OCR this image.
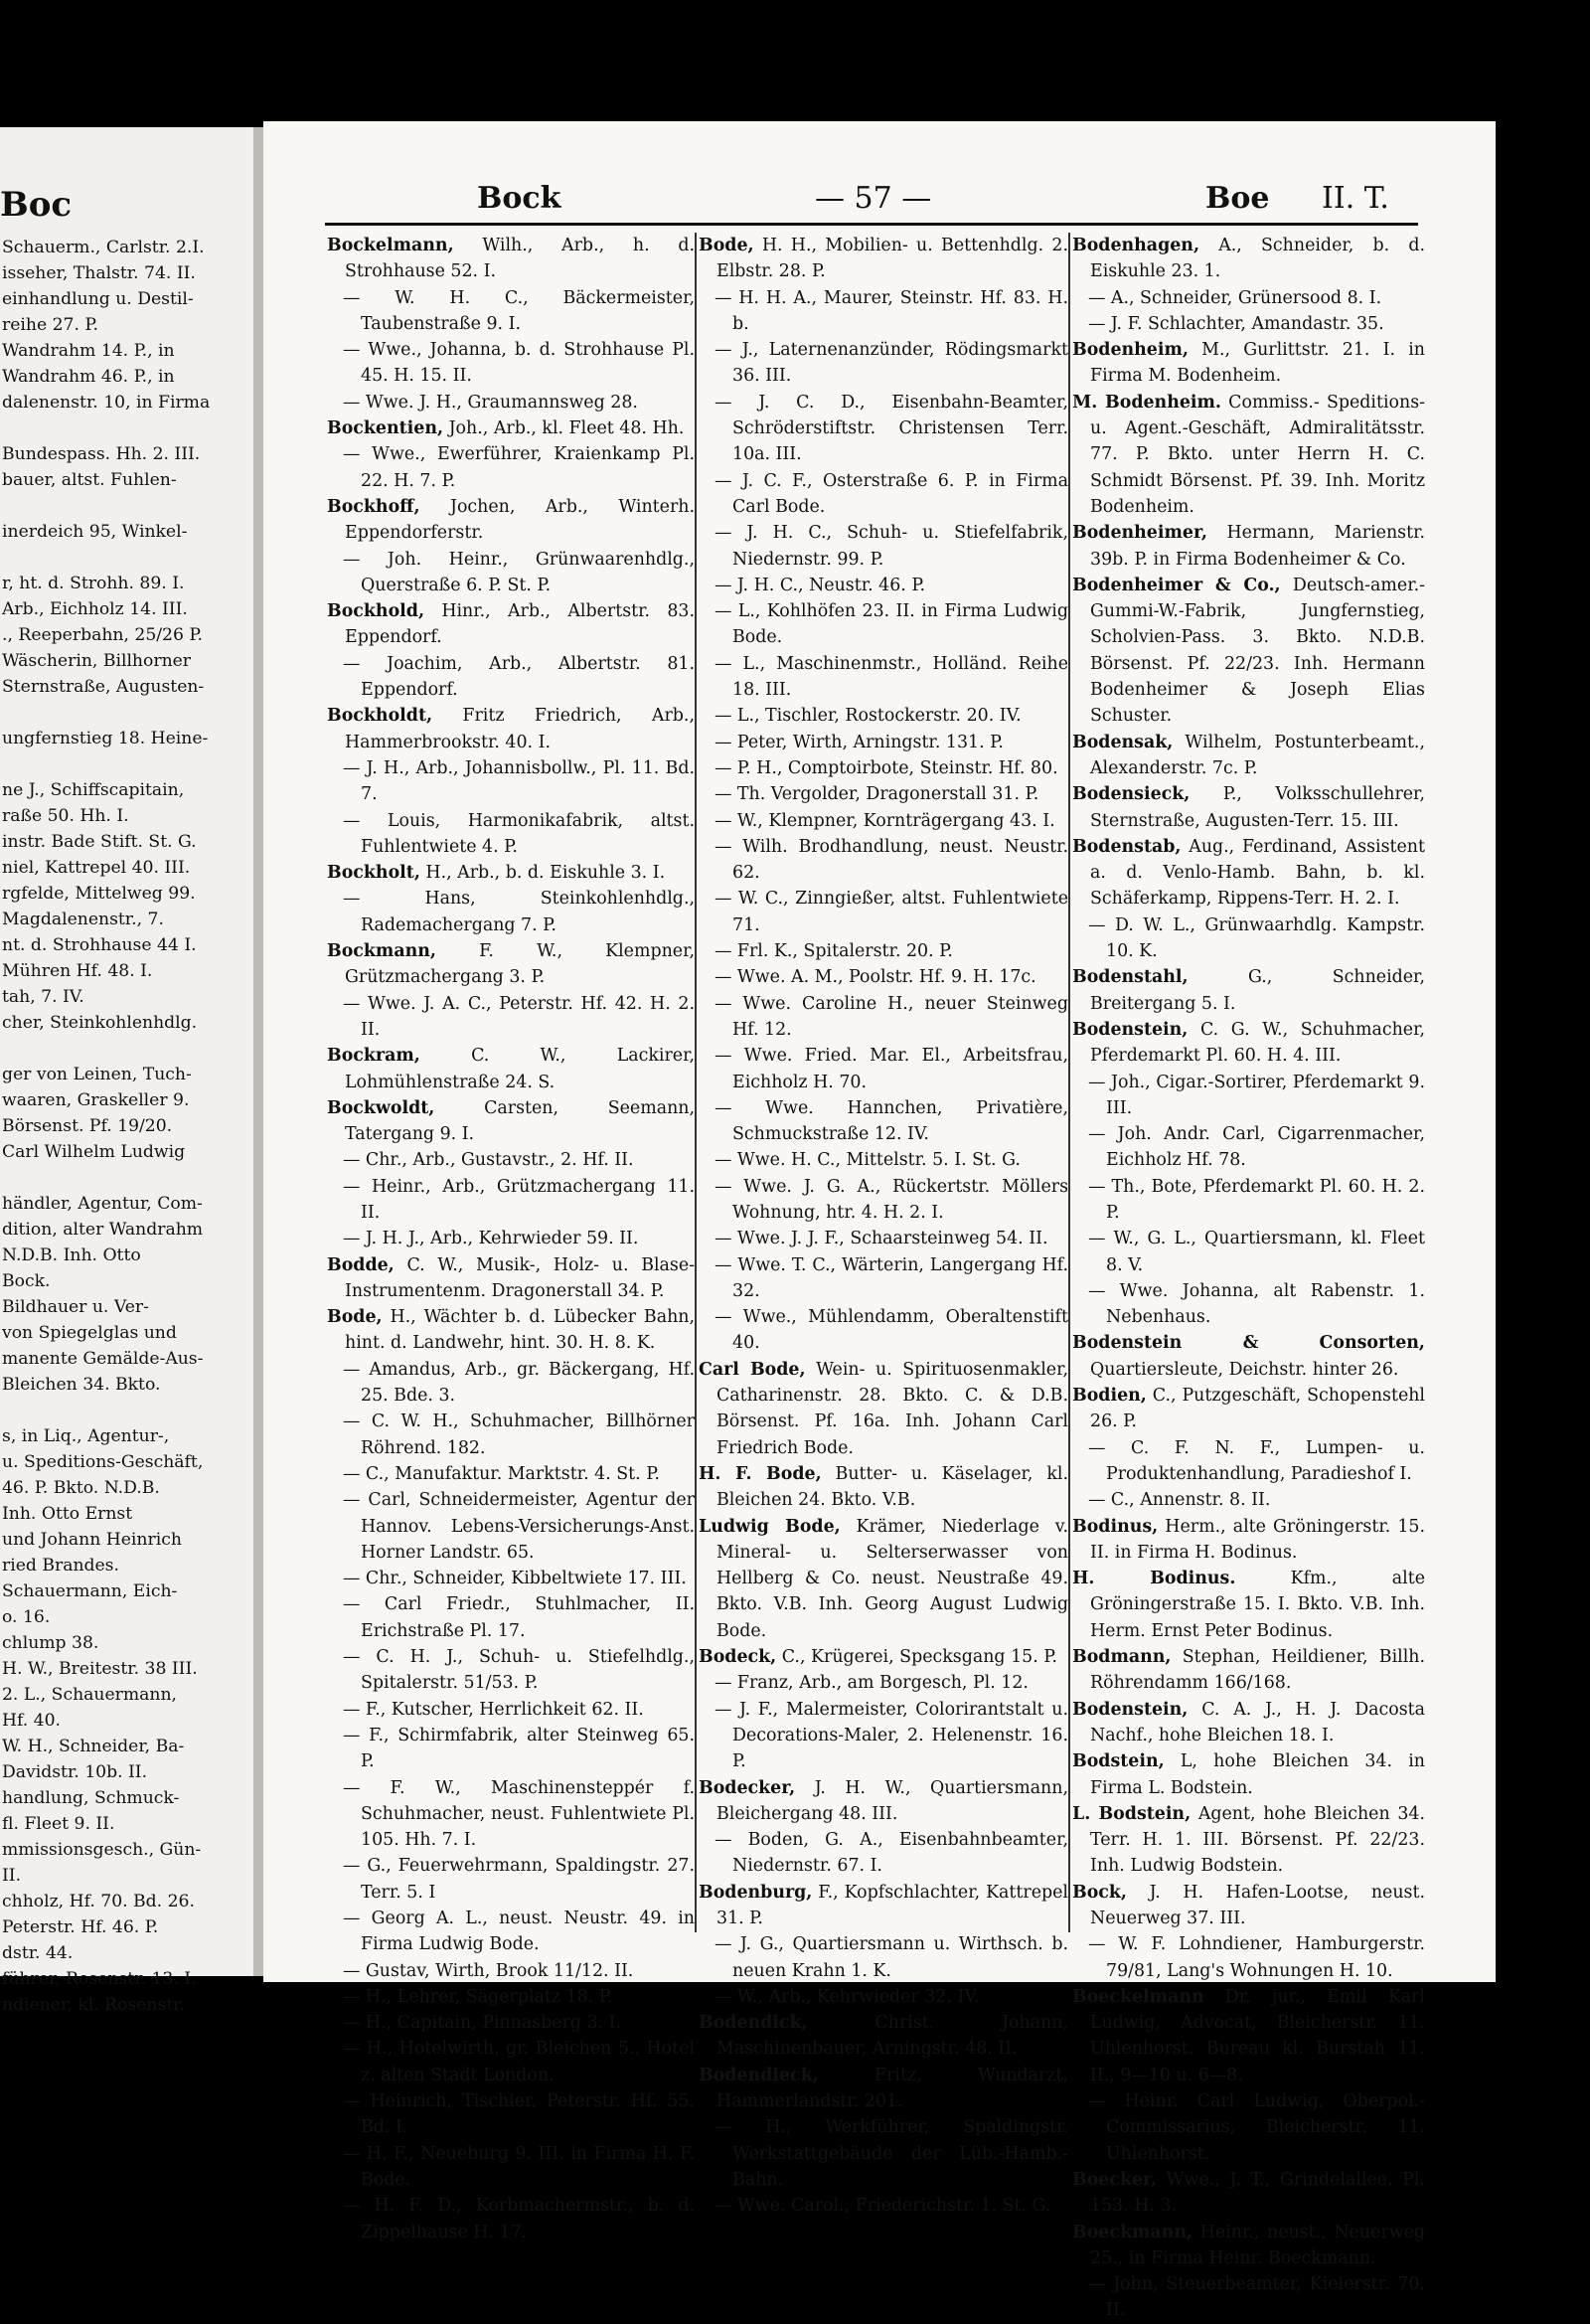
Boc
Schauerm., Carlstr. 2.I.
isseher, Thalstr. 74. II.
einhandlung u. Destil-
reihe 27. P.
Wandrahm 14. P., in
Wandrahm 46. P., in
dalenenstr. 10, in Firma

Bundespass. Hh. 2. III.
bauer, altst. Fuhlen-

inerdeich 95, Winkel-

r, ht. d. Strohh. 89. I.
Arb., Eichholz 14. III.
., Reeperbahn, 25/26 P.
Wäscherin, Billhorner
Sternstraße, Augusten-

ungfernstieg 18. Heine-

ne J., Schiffscapitain,
raße 50. Hh. I.
instr. Bade Stift. St. G.
niel, Kattrepel 40. III.
rgfelde, Mittelweg 99.
Magdalenenstr., 7.
nt. d. Strohhause 44 I.
Mühren Hf. 48. I.
tah, 7. IV.
cher, Steinkohlenhdlg.

ger von Leinen, Tuch-
waaren, Graskeller 9.
Börsenst. Pf. 19/20.
Carl Wilhelm Ludwig

händler, Agentur, Com-
dition, alter Wandrahm
N.D.B. Inh. Otto
Bock.
Bildhauer u. Ver-
von Spiegelglas und
manente Gemälde-Aus-
Bleichen 34. Bkto.

s, in Liq., Agentur-,
u. Speditions-Geschäft,
46. P. Bkto. N.D.B.
Inh. Otto Ernst
und Johann Heinrich
ried Brandes.
Schauermann, Eich-
o. 16.
chlump 38.
H. W., Breitestr. 38 III.
2. L., Schauermann,
Hf. 40.
W. H., Schneider, Ba-
Davidstr. 10b. II.
handlung, Schmuck-
fl. Fleet 9. II.
mmissionsgesch., Gün-
II.
chholz, Hf. 70. Bd. 26.
Peterstr. Hf. 46. P.
dstr. 44.
führer, Rosenstr. 13. I.
ndiener, kl. Rosenstr.
Bock	— 57 —	Boe II. T.

Bockelmann, Wilh., Arb., h. d. Strohhause 52. I.

— W. H. C., Bäckermeister, Taubenstraße 9. I.

— Wwe., Johanna, b. d. Strohhause Pl. 45. H. 15. II.

— Wwe. J. H., Graumannsweg 28.

Bockentien, Joh., Arb., kl. Fleet 48. Hh.

— Wwe., Ewerführer, Kraienkamp Pl. 22. H. 7. P.

Bockhoff, Jochen, Arb., Winterh. Eppendorferstr.

— Joh. Heinr., Grünwaarenhdlg., Querstraße 6. P. St. P.

Bockhold, Hinr., Arb., Albertstr. 83. Eppendorf.

— Joachim, Arb., Albertstr. 81. Eppendorf.

Bockholdt, Fritz Friedrich, Arb., Hammerbrookstr. 40. I.

— J. H., Arb., Johannisbollw., Pl. 11. Bd. 7.

— Louis, Harmonikafabrik, altst. Fuhlentwiete 4. P.

Bockholt, H., Arb., b. d. Eiskuhle 3. I.

— Hans, Steinkohlenhdlg., Rademachergang 7. P.

Bockmann, F. W., Klempner, Grützmachergang 3. P.

— Wwe. J. A. C., Peterstr. Hf. 42. H. 2. II.

Bockram, C. W., Lackirer, Lohmühlenstraße 24. S.

Bockwoldt, Carsten, Seemann, Tatergang 9. I.

— Chr., Arb., Gustavstr., 2. Hf. II.

— Heinr., Arb., Grützmachergang 11. II.

— J. H. J., Arb., Kehrwieder 59. II.

Bodde, C. W., Musik-, Holz- u. Blase-Instrumentenm. Dragonerstall 34. P.

Bode, H., Wächter b. d. Lübecker Bahn, hint. d. Landwehr, hint. 30. H. 8. K.

— Amandus, Arb., gr. Bäckergang, Hf. 25. Bde. 3.

— C. W. H., Schuhmacher, Billhörner Röhrend. 182.

— C., Manufaktur. Marktstr. 4. St. P.

— Carl, Schneidermeister, Agentur der Hannov. Lebens-Versicherungs-Anst. Horner Landstr. 65.

— Chr., Schneider, Kibbeltwiete 17. III.

— Carl Friedr., Stuhlmacher, II. Erichstraße Pl. 17.

— C. H. J., Schuh- u. Stiefelhdlg., Spitalerstr. 51/53. P.

— F., Kutscher, Herrlichkeit 62. II.

— F., Schirmfabrik, alter Steinweg 65. P.

— F. W., Maschinensteppér f. Schuhmacher, neust. Fuhlentwiete Pl. 105. Hh. 7. I.

— G., Feuerwehrmann, Spaldingstr. 27. Terr. 5. I

— Georg A. L., neust. Neustr. 49. in Firma Ludwig Bode.

— Gustav, Wirth, Brook 11/12. II.

— H., Lehrer, Sägerplatz 18. P.

— H., Capitain, Pinnasberg 3. I.

— H., Hotelwirth, gr. Bleichen 5., Hotel z. alten Stadt London.

— Heinrich, Tischler, Peterstr. Hf. 55. Bd. I.

— H. F., Neueburg 9. III. in Firma H. F. Bode.

— H. F. D., Korbmachermstr., b. d. Zippelhause H. 17.

Bode, H. H., Mobilien- u. Bettenhdlg. 2. Elbstr. 28. P.

— H. H. A., Maurer, Steinstr. Hf. 83. H. b.

— J., Laternenanzünder, Rödingsmarkt 36. III.

— J. C. D., Eisenbahn-Beamter, Schröderstiftstr. Christensen Terr. 10a. III.

— J. C. F., Osterstraße 6. P. in Firma Carl Bode.

— J. H. C., Schuh- u. Stiefelfabrik, Niedernstr. 99. P.

— J. H. C., Neustr. 46. P.

— L., Kohlhöfen 23. II. in Firma Ludwig Bode.

— L., Maschinenmstr., Holländ. Reihe 18. III.

— L., Tischler, Rostockerstr. 20. IV.

— Peter, Wirth, Arningstr. 131. P.

— P. H., Comptoirbote, Steinstr. Hf. 80.

— Th. Vergolder, Dragonerstall 31. P.

— W., Klempner, Kornträgergang 43. I.

— Wilh. Brodhandlung, neust. Neustr. 62.

— W. C., Zinngießer, altst. Fuhlentwiete 71.

— Frl. K., Spitalerstr. 20. P.

— Wwe. A. M., Poolstr. Hf. 9. H. 17c.

— Wwe. Caroline H., neuer Steinweg Hf. 12.

— Wwe. Fried. Mar. El., Arbeitsfrau, Eichholz H. 70.

— Wwe. Hannchen, Privatière, Schmuckstraße 12. IV.

— Wwe. H. C., Mittelstr. 5. I. St. G.

— Wwe. J. G. A., Rückertstr. Möllers Wohnung, htr. 4. H. 2. I.

— Wwe. J. J. F., Schaarsteinweg 54. II.

— Wwe. T. C., Wärterin, Langergang Hf. 32.

— Wwe., Mühlendamm, Oberaltenstift 40.

Carl Bode, Wein- u. Spirituosenmakler, Catharinenstr. 28. Bkto. C. & D.B. Börsenst. Pf. 16a. Inh. Johann Carl Friedrich Bode.

H. F. Bode, Butter- u. Käselager, kl. Bleichen 24. Bkto. V.B.

Ludwig Bode, Krämer, Niederlage v. Mineral- u. Selterserwasser von Hellberg & Co. neust. Neustraße 49. Bkto. V.B. Inh. Georg August Ludwig Bode.

Bodeck, C., Krügerei, Specksgang 15. P.

— Franz, Arb., am Borgesch, Pl. 12.

— J. F., Malermeister, Colorirantstalt u. Decorations-Maler, 2. Helenenstr. 16. P.

Bodecker, J. H. W., Quartiersmann, Bleichergang 48. III.

— Boden, G. A., Eisenbahnbeamter, Niedernstr. 67. I.

Bodenburg, F., Kopfschlachter, Kattrepel 31. P.

— J. G., Quartiersmann u. Wirthsch. b. neuen Krahn 1. K.

— W., Arb., Kehrwieder 32. IV.

Bodendick, Christ. Johann, Maschinenbauer, Arningstr. 48. II.

Bodendieck, Fritz, Wundarzt, Hammerlandstr. 201.

— H., Werkführer, Spaldingstr. Werkstattgebäude der Lüb.-Hamb.-Bahn.

— Wwe. Carol., Friederichstr. 1. St. G.

Bodenhagen, A., Schneider, b. d. Eiskuhle 23. 1.

— A., Schneider, Grünersood 8. I.

— J. F. Schlachter, Amandastr. 35.

Bodenheim, M., Gurlittstr. 21. I. in Firma M. Bodenheim.

M. Bodenheim. Commiss.- Speditions- u. Agent.-Geschäft, Admiralitätsstr. 77. P. Bkto. unter Herrn H. C. Schmidt Börsenst. Pf. 39. Inh. Moritz Bodenheim.

Bodenheimer, Hermann, Marienstr. 39b. P. in Firma Bodenheimer & Co.

Bodenheimer & Co., Deutsch-amer.-Gummi-W.-Fabrik, Jungfernstieg, Scholvien-Pass. 3. Bkto. N.D.B. Börsenst. Pf. 22/23. Inh. Hermann Bodenheimer & Joseph Elias Schuster.

Bodensak, Wilhelm, Postunterbeamt., Alexanderstr. 7c. P.

Bodensieck, P., Volksschullehrer, Sternstraße, Augusten-Terr. 15. III.

Bodenstab, Aug., Ferdinand, Assistent a. d. Venlo-Hamb. Bahn, b. kl. Schäferkamp, Rippens-Terr. H. 2. I.

— D. W. L., Grünwaarhdlg. Kampstr. 10. K.

Bodenstahl, G., Schneider, Breitergang 5. I.

Bodenstein, C. G. W., Schuhmacher, Pferdemarkt Pl. 60. H. 4. III.

— Joh., Cigar.-Sortirer, Pferdemarkt 9. III.

— Joh. Andr. Carl, Cigarrenmacher, Eichholz Hf. 78.

— Th., Bote, Pferdemarkt Pl. 60. H. 2. P.

— W., G. L., Quartiersmann, kl. Fleet 8. V.

— Wwe. Johanna, alt Rabenstr. 1. Nebenhaus.

Bodenstein & Consorten, Quartiersleute, Deichstr. hinter 26.

Bodien, C., Putzgeschäft, Schopenstehl 26. P.

— C. F. N. F., Lumpen- u. Produktenhandlung, Paradieshof I.

— C., Annenstr. 8. II.

Bodinus, Herm., alte Gröningerstr. 15. II. in Firma H. Bodinus.

H. Bodinus. Kfm., alte Gröningerstraße 15. I. Bkto. V.B. Inh. Herm. Ernst Peter Bodinus.

Bodmann, Stephan, Heildiener, Billh. Röhrendamm 166/168.

Bodenstein, C. A. J., H. J. Dacosta Nachf., hohe Bleichen 18. I.

Bodstein, L, hohe Bleichen 34. in Firma L. Bodstein.

L. Bodstein, Agent, hohe Bleichen 34. Terr. H. 1. III. Börsenst. Pf. 22/23. Inh. Ludwig Bodstein.

Bock, J. H. Hafen-Lootse, neust. Neuerweg 37. III.

— W. F. Lohndiener, Hamburgerstr. 79/81, Lang's Wohnungen H. 10.

Boeckelmann Dr. jur., Emil Karl Ludwig, Advocat, Bleicherstr. 11. Uhlenhorst. Bureau kl. Burstah 11. II., 9—10 u. 6—8.

— Heinr. Carl Ludwig, Oberpol.-Commissarius, Bleicherstr. 11. Uhlenhorst.

Boecker, Wwe., J. T., Grindelallee. Pl. 153. H. 3.

Boeckmann, Heinr., neust., Neuerweg 25., in Firma Heinr. Boeckmann.

— John, Steuerbeamter, Kielerstr. 70. II.
